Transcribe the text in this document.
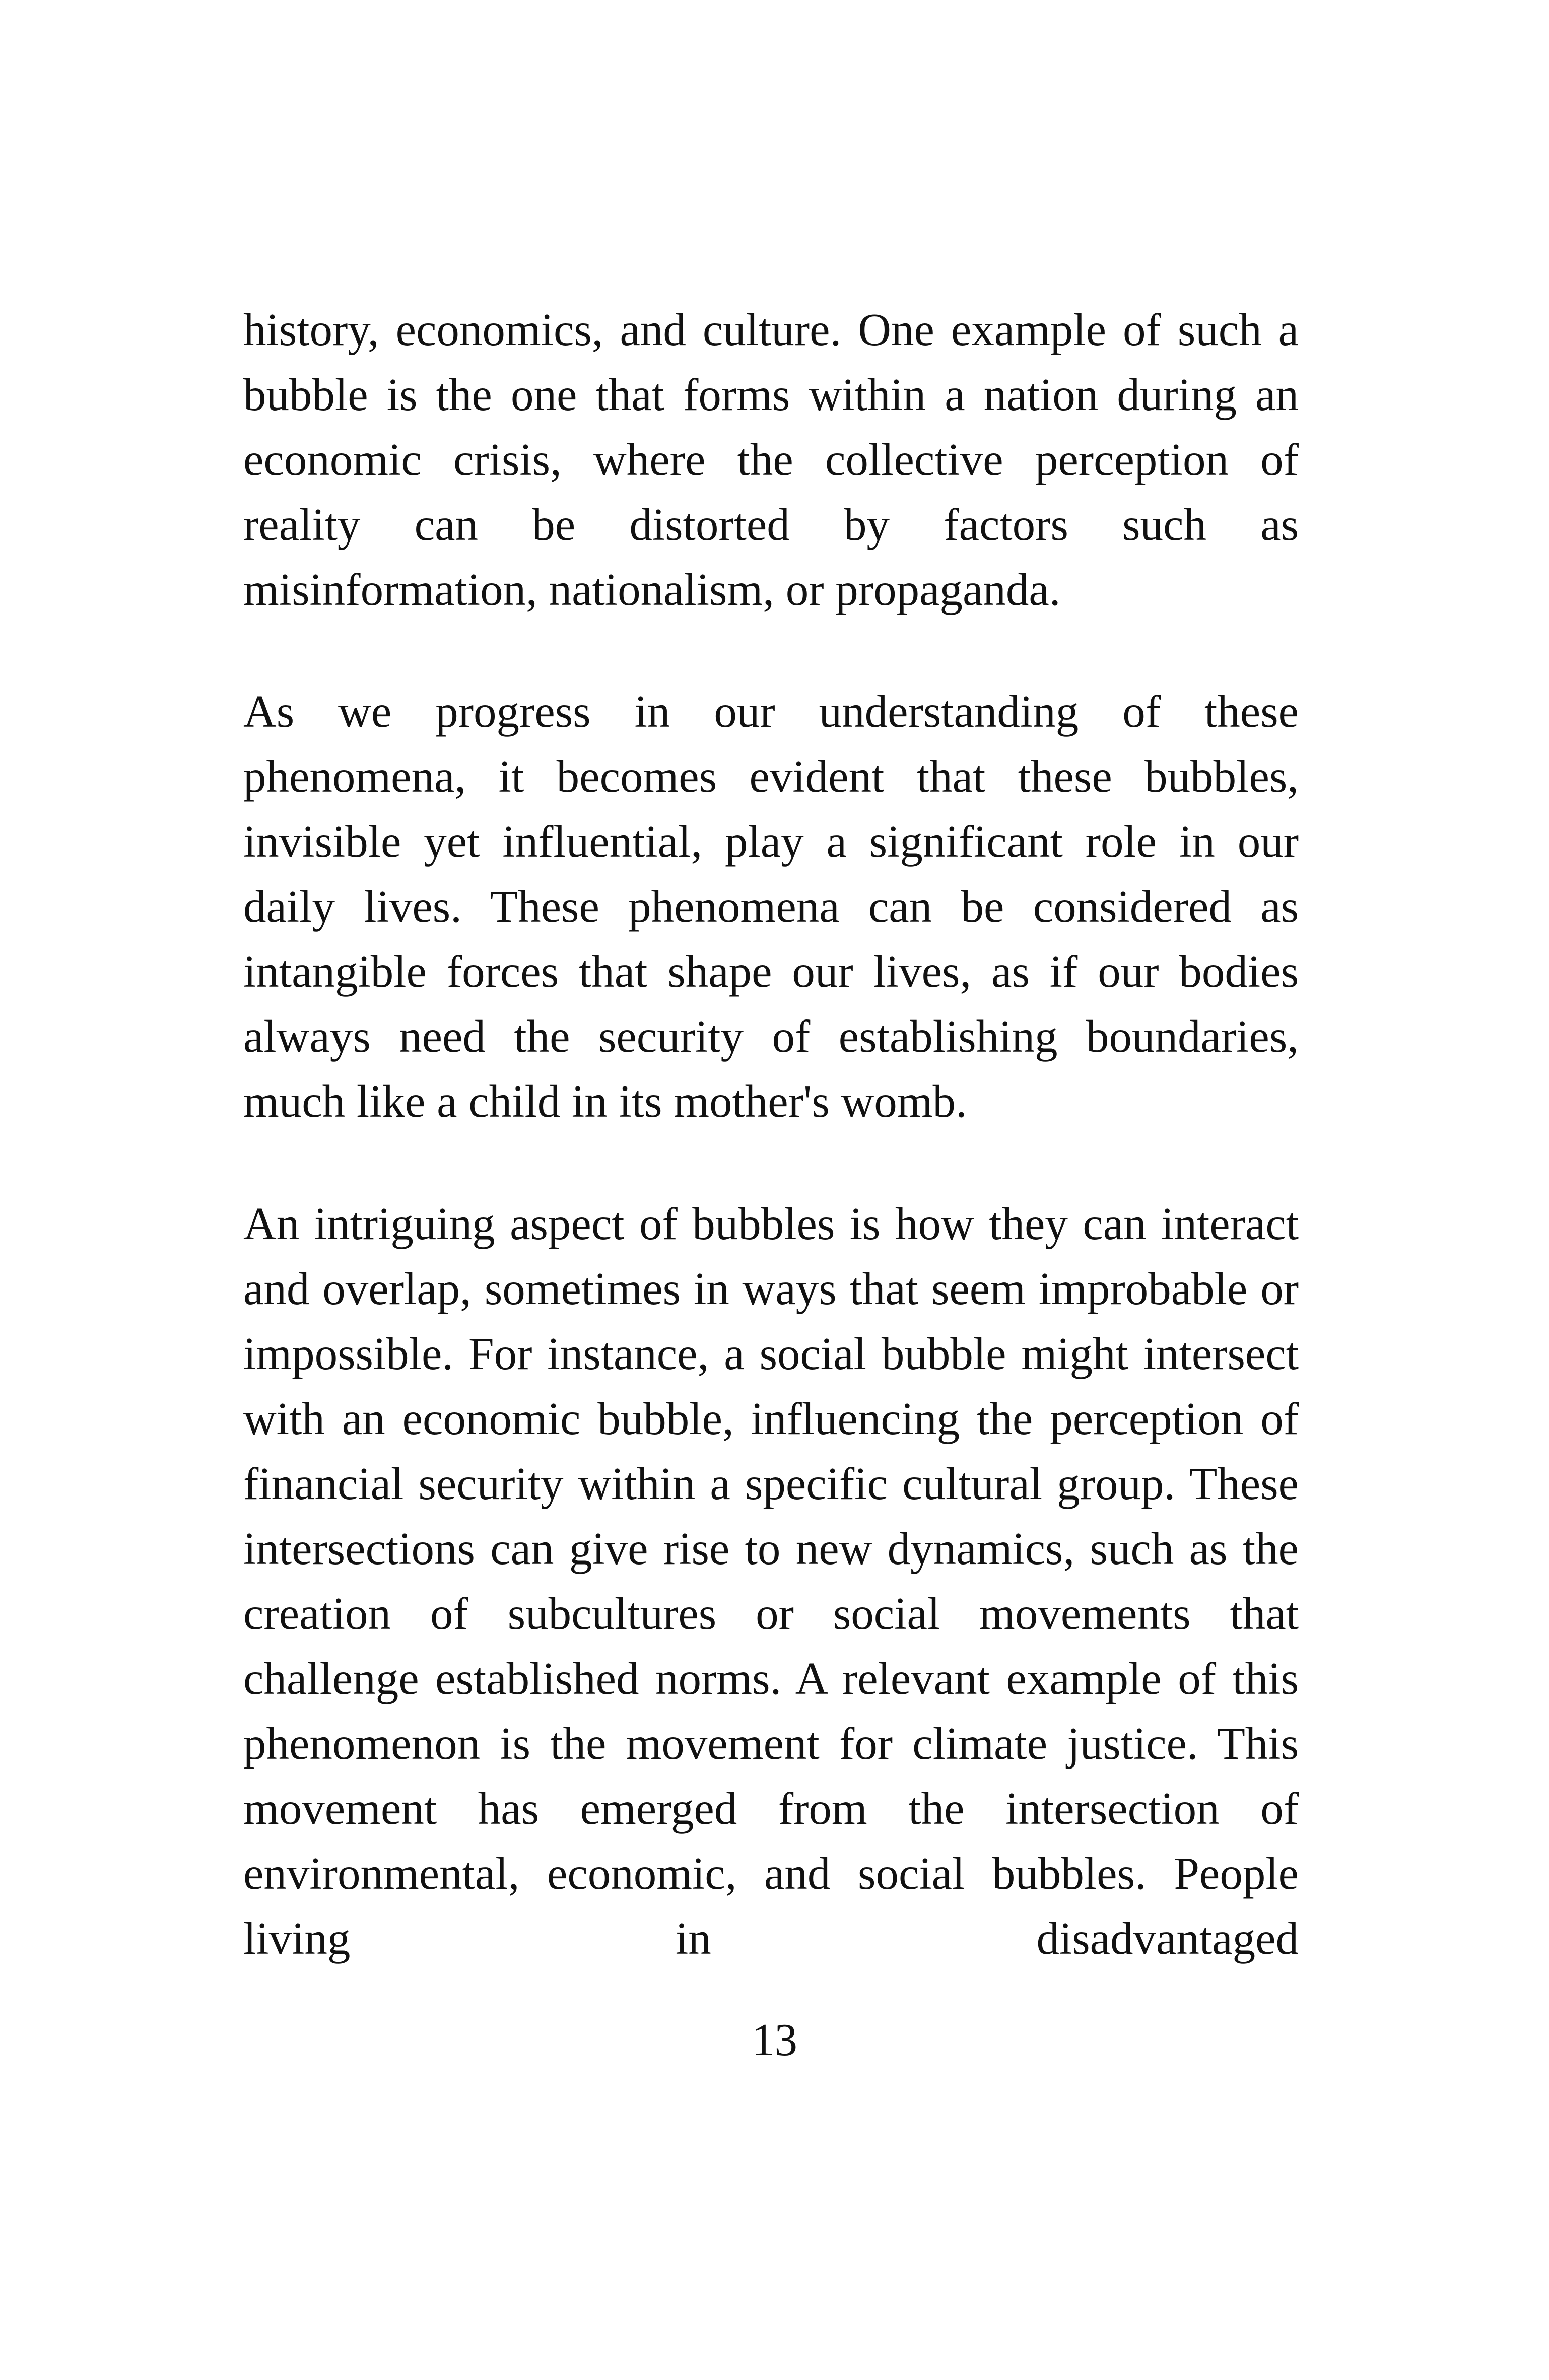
history, economics, and culture. One example of such a bubble is the one that forms within a nation during an economic crisis, where the collective perception of reality can be distorted by factors such as misinformation, nationalism, or propaganda.

As we progress in our understanding of these phenomena, it becomes evident that these bubbles, invisible yet influential, play a significant role in our daily lives. These phenomena can be considered as intangible forces that shape our lives, as if our bodies always need the security of establishing boundaries, much like a child in its mother's womb.

An intriguing aspect of bubbles is how they can interact and overlap, sometimes in ways that seem improbable or impossible. For instance, a social bubble might intersect with an economic bubble, influencing the perception of financial security within a specific cultural group. These intersections can give rise to new dynamics, such as the creation of subcultures or social movements that challenge established norms. A relevant example of this phenomenon is the movement for climate justice. This movement has emerged from the intersection of environmental, economic, and social bubbles. People living in disadvantaged

13
